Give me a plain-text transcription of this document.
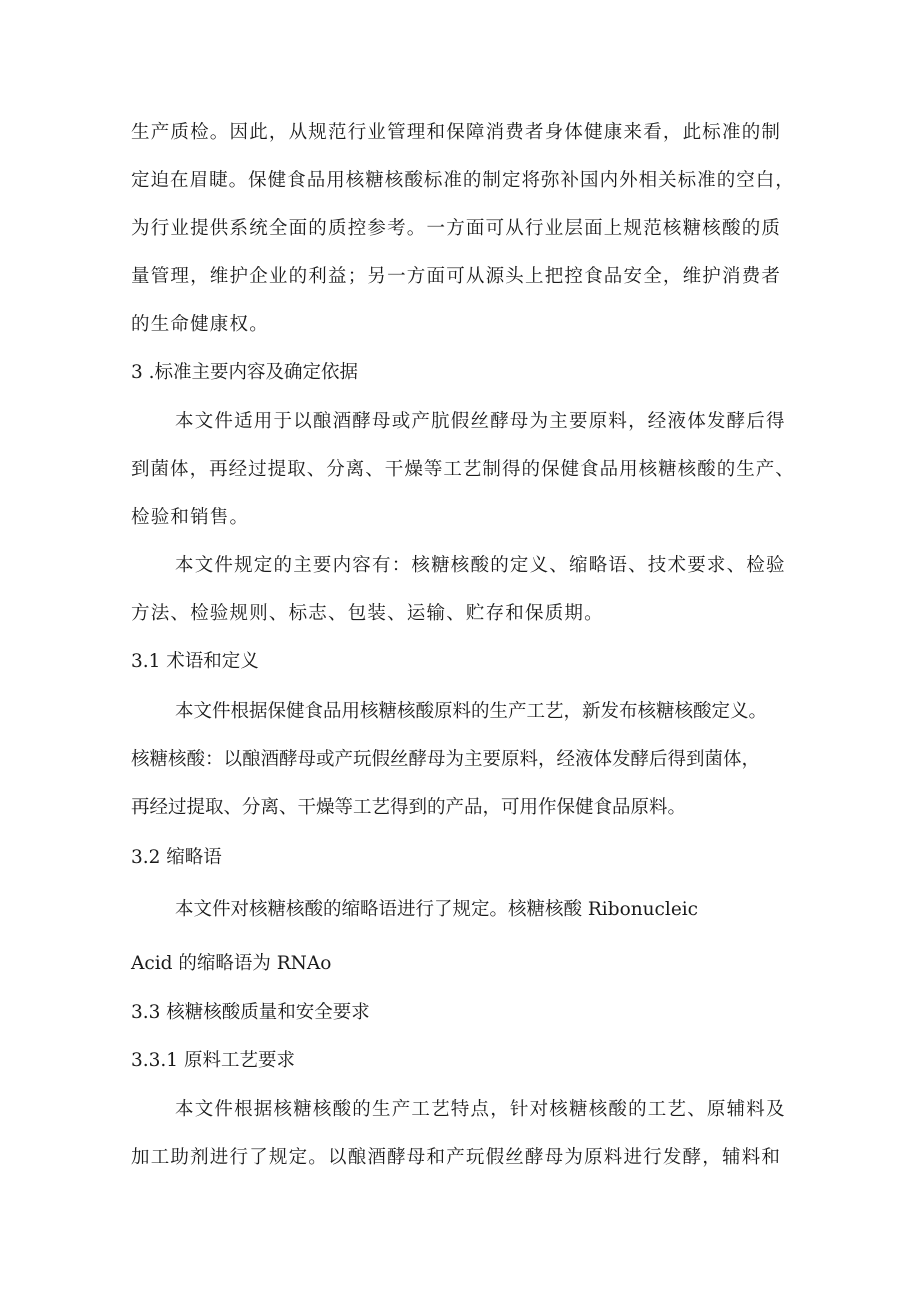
生产质检。因此，从规范行业管理和保障消费者身体健康来看，此标准的制
定迫在眉睫。保健食品用核糖核酸标准的制定将弥补国内外相关标准的空白，
为行业提供系统全面的质控参考。一方面可从行业层面上规范核糖核酸的质
量管理，维护企业的利益；另一方面可从源头上把控食品安全，维护消费者
的生命健康权。
3 .标准主要内容及确定依据
本文件适用于以酿酒酵母或产肮假丝酵母为主要原料，经液体发酵后得
到菌体，再经过提取、分离、干燥等工艺制得的保健食品用核糖核酸的生产、
检验和销售。
本文件规定的主要内容有：核糖核酸的定义、缩略语、技术要求、检验
方法、检验规则、标志、包装、运输、贮存和保质期。
3.1 术语和定义
本文件根据保健食品用核糖核酸原料的生产工艺，新发布核糖核酸定义。
核糖核酸：以酿酒酵母或产玩假丝酵母为主要原料，经液体发酵后得到菌体，
再经过提取、分离、干燥等工艺得到的产品，可用作保健食品原料。
3.2 缩略语
本文件对核糖核酸的缩略语进行了规定。核糖核酸 Ribonucleic
Acid 的缩略语为 RNAo
3.3 核糖核酸质量和安全要求
3.3.1 原料工艺要求
本文件根据核糖核酸的生产工艺特点，针对核糖核酸的工艺、原辅料及
加工助剂进行了规定。以酿酒酵母和产玩假丝酵母为原料进行发酵，辅料和
